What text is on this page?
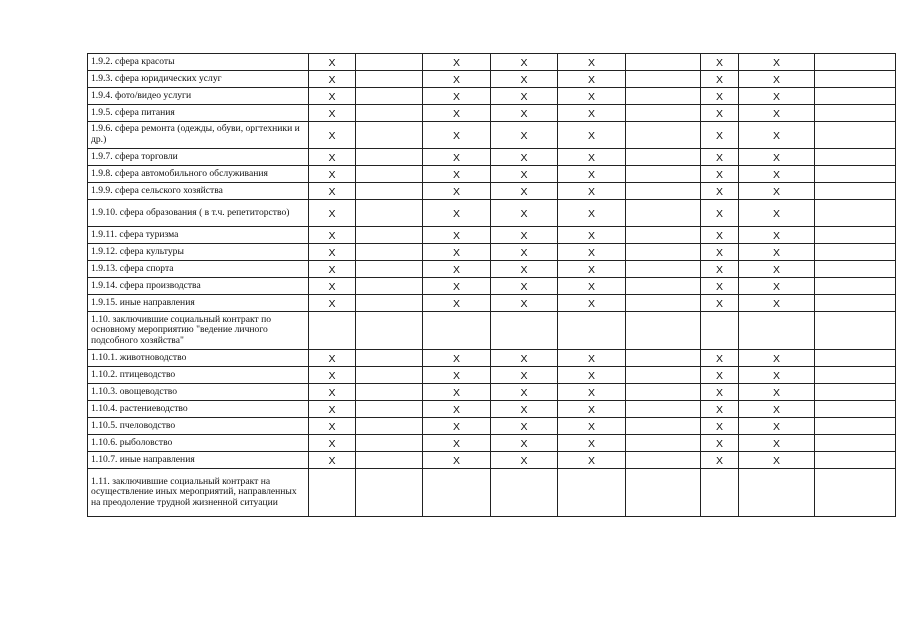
1.9.2. сфера красоты	X		X	X	X		X	X	
1.9.3. сфера юридических услуг	X		X	X	X		X	X	
1.9.4. фото/видео услуги	X		X	X	X		X	X	
1.9.5. сфера питания	X		X	X	X		X	X	
1.9.6. сфера ремонта (одежды, обуви, оргтехники и др.)	X		X	X	X		X	X	
1.9.7. сфера торговли	X		X	X	X		X	X	
1.9.8. сфера автомобильного обслуживания	X		X	X	X		X	X	
1.9.9. сфера сельского хозяйства	X		X	X	X		X	X	
1.9.10. сфера образования ( в т.ч. репетиторство)	X		X	X	X		X	X	
1.9.11. сфера туризма	X		X	X	X		X	X	
1.9.12. сфера культуры	X		X	X	X		X	X	
1.9.13. сфера спорта	X		X	X	X		X	X	
1.9.14. сфера производства	X		X	X	X		X	X	
1.9.15. иные направления	X		X	X	X		X	X	
1.10. заключившие социальный контракт по основному мероприятию "ведение личного подсобного хозяйства"									
1.10.1. животноводство	X		X	X	X		X	X	
1.10.2. птицеводство	X		X	X	X		X	X	
1.10.3. овощеводство	X		X	X	X		X	X	
1.10.4. растениеводство	X		X	X	X		X	X	
1.10.5. пчеловодство	X		X	X	X		X	X	
1.10.6. рыболовство	X		X	X	X		X	X	
1.10.7. иные направления	X		X	X	X		X	X	
1.11. заключившие социальный контракт на осуществление иных мероприятий, направленных на преодоление трудной жизненной ситуации									
